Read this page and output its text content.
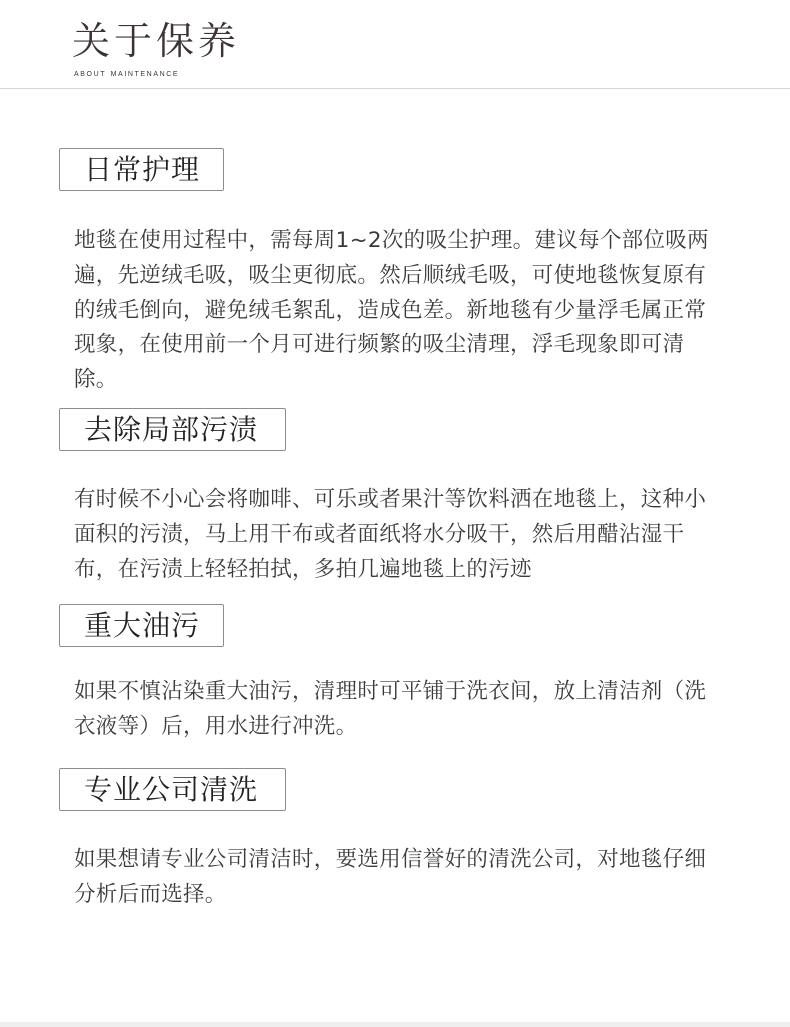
关于保养
about maintenance
日常护理

地毯在使用过程中，需每周1~2次的吸尘护理。建议每个部位吸两遍，先逆绒毛吸，吸尘更彻底。然后顺绒毛吸，可使地毯恢复原有的绒毛倒向，避免绒毛絮乱，造成色差。新地毯有少量浮毛属正常现象，在使用前一个月可进行频繁的吸尘清理，浮毛现象即可清除。

去除局部污渍

有时候不小心会将咖啡、可乐或者果汁等饮料洒在地毯上，这种小面积的污渍，马上用干布或者面纸将水分吸干，然后用醋沾湿干布，在污渍上轻轻拍拭，多拍几遍地毯上的污迹

重大油污

如果不慎沾染重大油污，清理时可平铺于洗衣间，放上清洁剂（洗衣液等）后，用水进行冲洗。

专业公司清洗

如果想请专业公司清洁时，要选用信誉好的清洗公司，对地毯仔细分析后而选择。
